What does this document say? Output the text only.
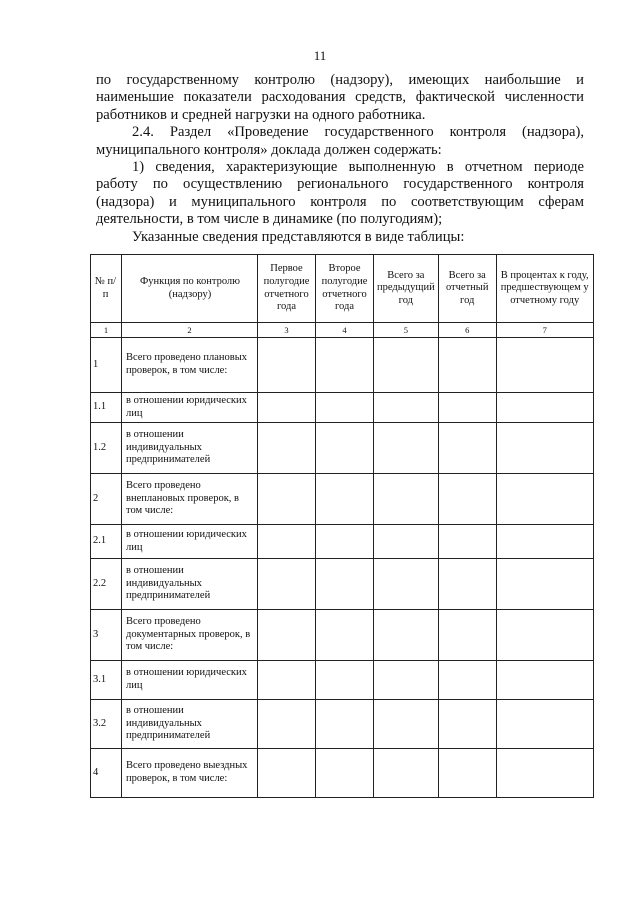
11

по государственному контролю (надзору), имеющих наибольшие и наименьшие показатели расходования средств, фактической численности работников и средней нагрузки на одного работника.

2.4. Раздел «Проведение государственного контроля (надзора), муниципального контроля» доклада должен содержать:

1) сведения, характеризующие выполненную в отчетном периоде работу по осуществлению регионального государственного контроля (надзора) и муниципального контроля по соответствующим сферам деятельности, в том числе в динамике (по полугодиям);

Указанные сведения представляются в виде таблицы:

№ п/п	Функция по контролю (надзору)	Первое полугодие отчетного года	Второе полугодие отчетного года	Всего за предыдущий год	Всего за отчетный год	В процентах к году, предшествующем у отчетному году
1	2	3	4	5	6	7
1	Всего проведено плановых проверок, в том числе:					
1.1	в отношении юридических лиц					
1.2	в отношении индивидуальных предпринимателей					
2	Всего проведено внеплановых проверок, в том числе:					
2.1	в отношении юридических лиц					
2.2	в отношении индивидуальных предпринимателей					
3	Всего проведено документарных проверок, в том числе:					
3.1	в отношении юридических лиц					
3.2	в отношении индивидуальных предпринимателей					
4	Всего проведено выездных проверок, в том числе:					
